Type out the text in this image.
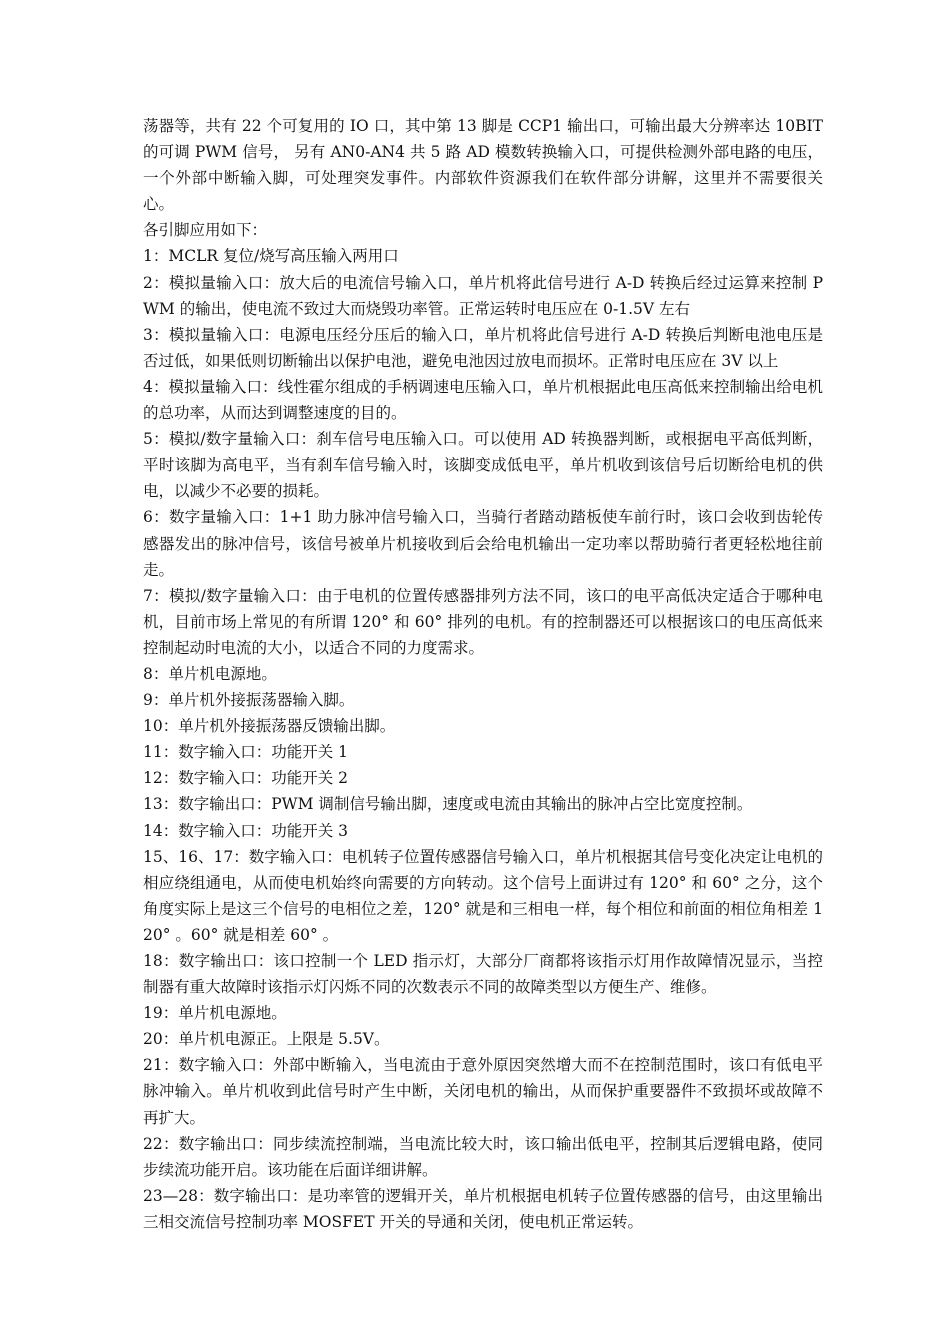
荡器等，共有 22 个可复用的 IO 口，其中第 13 脚是 CCP1 输出口，可输出最大分辨率达 10BIT 的可调 PWM 信号， 另有 AN0-AN4 共 5 路 AD 模数转换输入口，可提供检测外部电路的电压，一个外部中断输入脚，可处理突发事件。内部软件资源我们在软件部分讲解，这里并不需要很关心。

各引脚应用如下：

1：MCLR 复位/烧写高压输入两用口

2：模拟量输入口：放大后的电流信号输入口，单片机将此信号进行 A-D 转换后经过运算来控制 PWM 的输出，使电流不致过大而烧毁功率管。正常运转时电压应在 0-1.5V 左右

3：模拟量输入口：电源电压经分压后的输入口，单片机将此信号进行 A-D 转换后判断电池电压是否过低，如果低则切断输出以保护电池，避免电池因过放电而损坏。正常时电压应在 3V 以上

4：模拟量输入口：线性霍尔组成的手柄调速电压输入口，单片机根据此电压高低来控制输出给电机的总功率，从而达到调整速度的目的。

5：模拟/数字量输入口：刹车信号电压输入口。可以使用 AD 转换器判断，或根据电平高低判断，平时该脚为高电平，当有刹车信号输入时，该脚变成低电平，单片机收到该信号后切断给电机的供电，以减少不必要的损耗。

6：数字量输入口：1+1 助力脉冲信号输入口，当骑行者踏动踏板使车前行时，该口会收到齿轮传感器发出的脉冲信号，该信号被单片机接收到后会给电机输出一定功率以帮助骑行者更轻松地往前走。

7：模拟/数字量输入口：由于电机的位置传感器排列方法不同，该口的电平高低决定适合于哪种电机，目前市场上常见的有所谓 120° 和 60° 排列的电机。有的控制器还可以根据该口的电压高低来控制起动时电流的大小，以适合不同的力度需求。

8：单片机电源地。

9：单片机外接振荡器输入脚。

10：单片机外接振荡器反馈输出脚。

11：数字输入口：功能开关 1

12：数字输入口：功能开关 2

13：数字输出口：PWM 调制信号输出脚，速度或电流由其输出的脉冲占空比宽度控制。

14：数字输入口：功能开关 3

15、16、17：数字输入口：电机转子位置传感器信号输入口，单片机根据其信号变化决定让电机的相应绕组通电，从而使电机始终向需要的方向转动。这个信号上面讲过有 120° 和 60° 之分，这个角度实际上是这三个信号的电相位之差，120° 就是和三相电一样，每个相位和前面的相位角相差 120° 。60° 就是相差 60° 。

18：数字输出口：该口控制一个 LED 指示灯，大部分厂商都将该指示灯用作故障情况显示，当控制器有重大故障时该指示灯闪烁不同的次数表示不同的故障类型以方便生产、维修。

19：单片机电源地。

20：单片机电源正。上限是 5.5V。

21：数字输入口：外部中断输入，当电流由于意外原因突然增大而不在控制范围时，该口有低电平脉冲输入。单片机收到此信号时产生中断，关闭电机的输出，从而保护重要器件不致损坏或故障不再扩大。

22：数字输出口：同步续流控制端，当电流比较大时，该口输出低电平，控制其后逻辑电路，使同步续流功能开启。该功能在后面详细讲解。

23—28：数字输出口：是功率管的逻辑开关，单片机根据电机转子位置传感器的信号，由这里输出三相交流信号控制功率 MOSFET 开关的导通和关闭，使电机正常运转。
